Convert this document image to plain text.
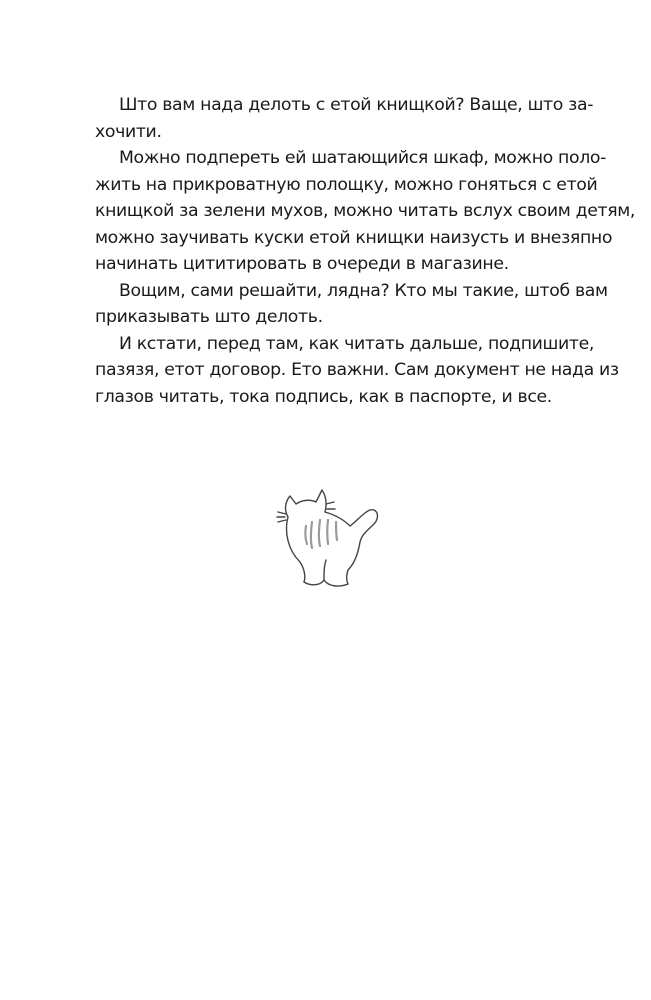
Што вам нада делоть с етой книщкой? Ваще, што за-
хочити.
Можно подпереть ей шатающийся шкаф, можно поло-
жить на прикроватную полощку, можно гоняться с етой
книщкой за зелени мухов, можно читать вслух своим детям,
можно заучивать куски етой книщки наизусть и внезяпно
начинать цититировать в очереди в магазине.
Вощим, сами решайти, лядна? Кто мы такие, штоб вам
приказывать што делоть.
И кстати, перед там, как читать дальше, подпишите,
пазязя, етот договор. Ето важни. Сам документ не нада из
глазов читать, тока подпись, как в паспорте, и все.
